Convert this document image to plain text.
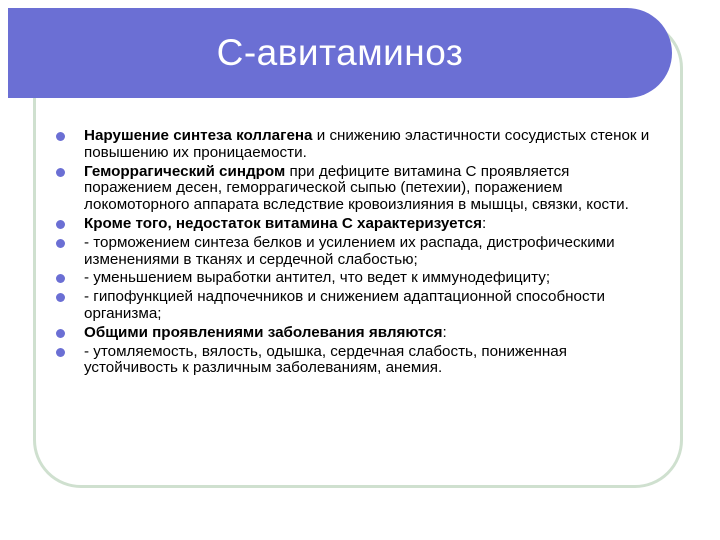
С-авитаминоз
Нарушение синтеза коллагена и снижению эластичности сосудистых стенок и повышению их проницаемости.
Геморрагический синдром при дефиците витамина С проявляется поражением десен, геморрагической сыпью (петехии), поражением локомоторного аппарата вследствие кровоизлияния в мышцы, связки, кости.
Кроме того, недостаток витамина С характеризуется:
- торможением синтеза белков и усилением их распада, дистрофическими изменениями в тканях и сердечной слабостью;
- уменьшением выработки антител, что ведет к иммунодефициту;
- гипофункцией надпочечников и снижением адаптационной способности организма;
Общими проявлениями заболевания являются:
- утомляемость, вялость, одышка, сердечная слабость, пониженная устойчивость к различным заболеваниям, анемия.
